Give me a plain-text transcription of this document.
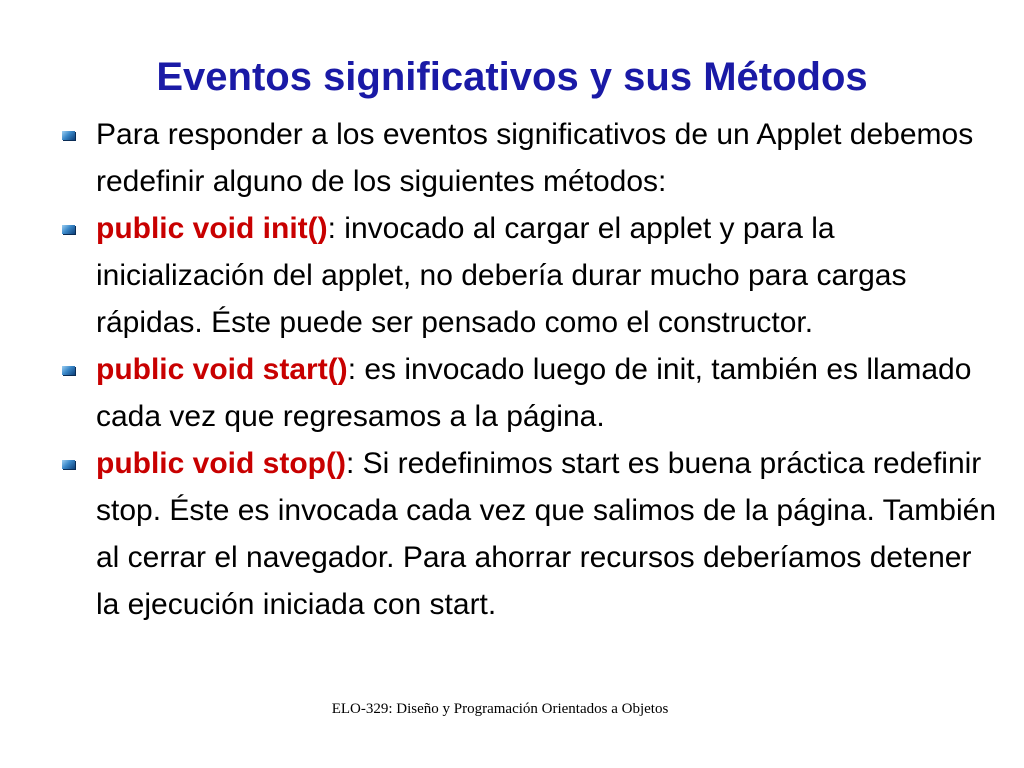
Eventos significativos y sus Métodos
Para responder a los eventos significativos de un Applet debemos redefinir alguno de los siguientes métodos:
public void init(): invocado al cargar el applet y para la inicialización del applet, no debería durar mucho para cargas rápidas. Éste puede ser pensado como el constructor.
public void start(): es invocado luego de init, también es llamado cada vez que regresamos a la página.
public void stop(): Si redefinimos start es buena práctica redefinir stop. Éste es invocada cada vez que salimos de la página. También al cerrar el navegador. Para ahorrar recursos deberíamos detener la ejecución iniciada con start.
ELO-329: Diseño y Programación Orientados a Objetos
